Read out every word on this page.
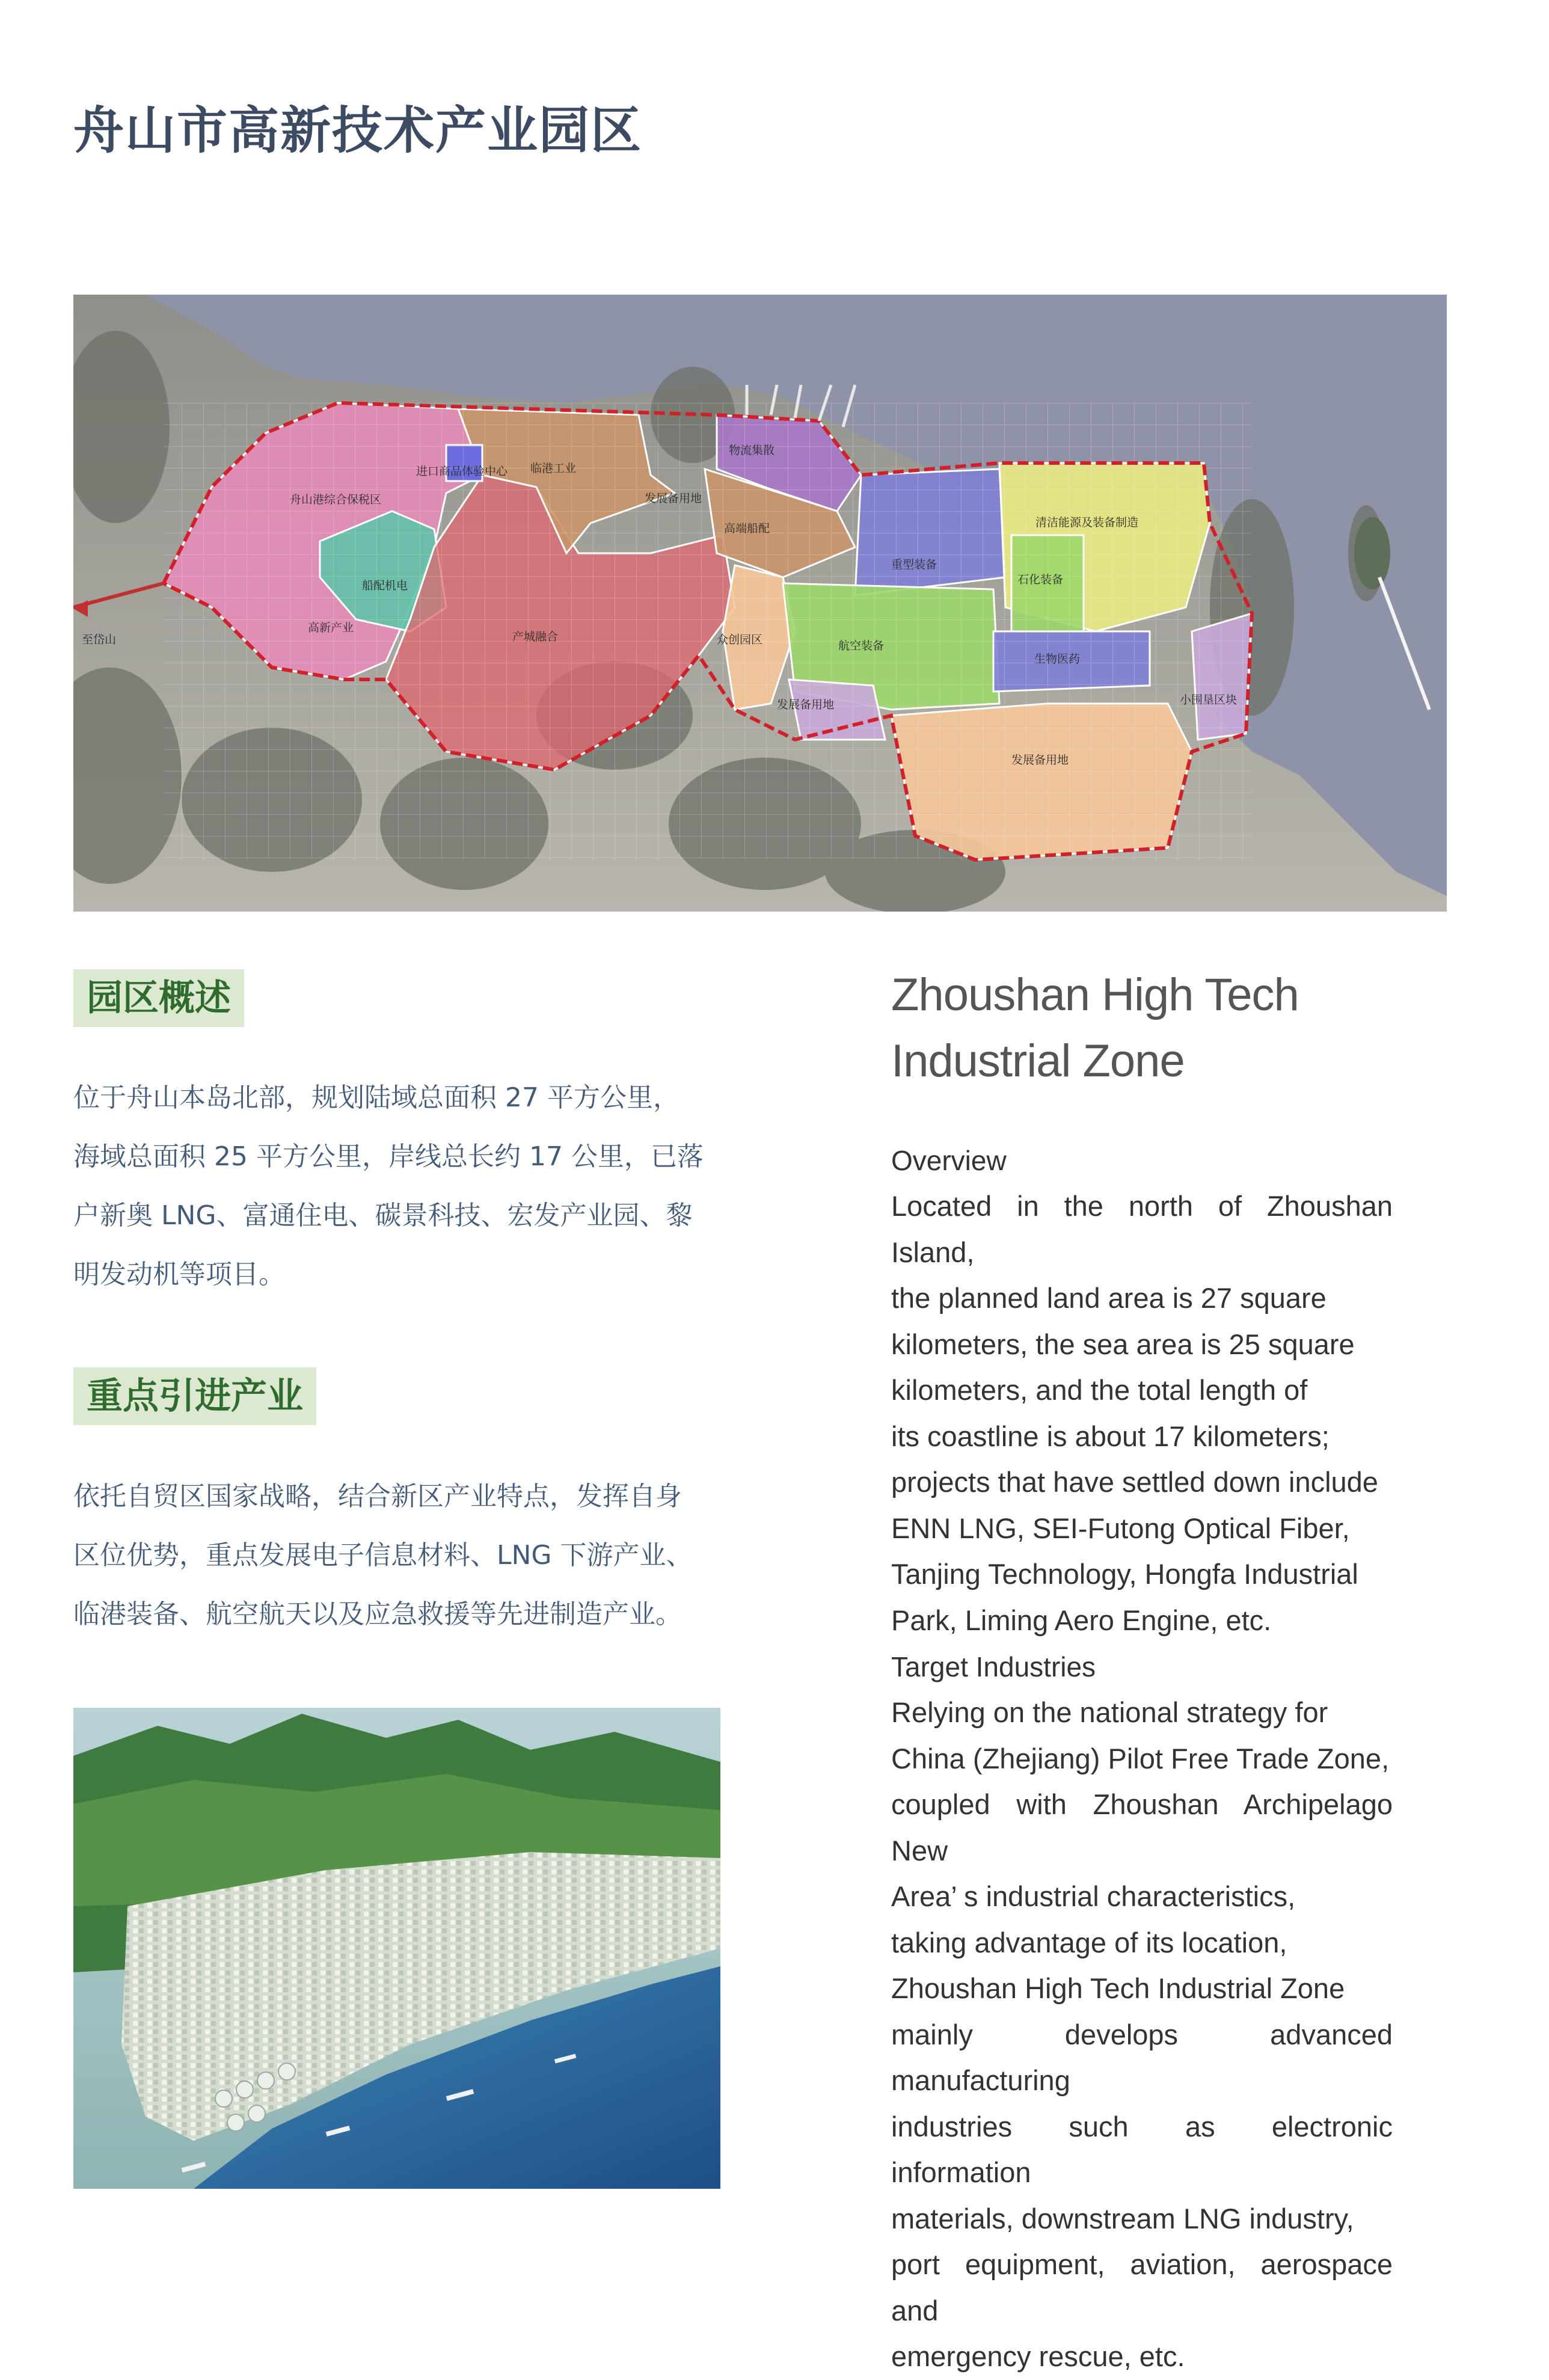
舟山市高新技术产业园区
至岱山
舟山港综合保税区
进口商品体验中心 临港工业
发展备用地
物流集散
高端船配
船配机电
高新产业
产城融合	众创园区
重型装备
清洁能源及装备制造
石化装备
航空装备
生物医药
发展备用地	小围垦区块
发展备用地
园区概述

位于舟山本岛北部，规划陆域总面积 27 平方公里，

海域总面积 25 平方公里，岸线总长约 17 公里，已落

户新奥 LNG、富通住电、碳景科技、宏发产业园、黎

明发动机等项目。

重点引进产业

依托自贸区国家战略，结合新区产业特点，发挥自身

区位优势，重点发展电子信息材料、LNG 下游产业、

临港装备、航空航天以及应急救援等先进制造产业。

Zhoushan High Tech
Industrial Zone

Overview

Located in the north of Zhoushan Island,

the planned land area is 27 square

kilometers, the sea area is 25 square

kilometers, and the total length of

its coastline is about 17 kilometers;

projects that have settled down include

ENN LNG, SEI-Futong Optical Fiber,

Tanjing Technology, Hongfa Industrial

Park, Liming Aero Engine, etc.

Target Industries

Relying on the national strategy for

China (Zhejiang) Pilot Free Trade Zone,

coupled with Zhoushan Archipelago New

Area’ s industrial characteristics,

taking advantage of its location,

Zhoushan High Tech Industrial Zone

mainly develops advanced manufacturing

industries such as electronic information

materials, downstream LNG industry,

port equipment, aviation, aerospace and

emergency rescue, etc.
